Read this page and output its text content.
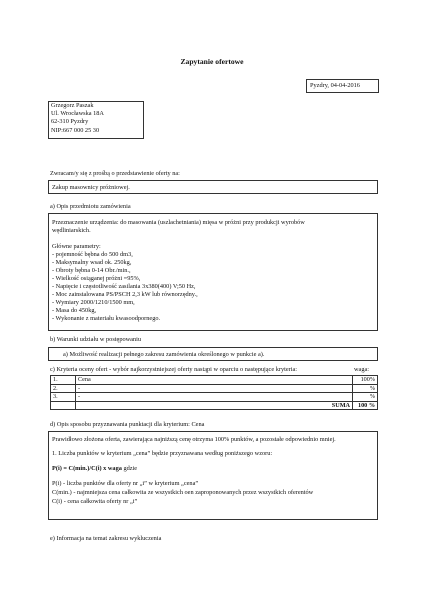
Zapytanie ofertowe
Pyzdry, 04-04-2016
Grzegorz Paszak
Ul. Wrocławska 18A
62-310 Pyzdry
NIP:667 000 25 30
Zwracam/y się z prośbą o przedstawienie oferty na:
Zakup masownicy próżniowej.
a) Opis przedmiotu zamówienia
Przeznaczenie urządzenia: do masowania (uszlachetniania) mięsa w próżni przy produkcji wyrobów
wędliniarskich.
Główne parametry:
- pojemność bębna do 500 dm3,
- Maksymalny wsad ok. 250kg,
- Obroty bębna 0-14 Obr./min.,
- Wielkość osiąganej próżni =95%,
- Napięcie i częstotliwość zasilania 3x380(400) V;50 Hz,
- Moc zainstalowana PS/PSCH 2,3 kW lub równorzędny.,
- Wymiary 2000/1210/1500 mm,
- Masa do 450kg,
- Wykonanie z materiału kwasoodpornego.
b) Warunki udziału w postępowaniu
a) Możliwość realizacji pełnego zakresu zamówienia określonego w punkcie a).
c) Kryteria oceny ofert - wybór najkorzystniejszej oferty nastąpi w oparciu o następujące kryteria:	waga:
1.	Cena	100%
2.	-	%
3.	-	%
	SUMA	100 %
d) Opis sposobu przyznawania punktacji dla kryterium: Cena
Prawidłowo złożona oferta, zawierająca najniższą cenę otrzyma 100% punktów, a pozostałe odpowiednio mniej.
1. Liczba punktów w kryterium „cena” będzie przyznawana według poniższego wzoru:
P(i) = C(min.)/C(i) x waga gdzie
P(i) - liczba punktów dla oferty nr „i” w kryterium „cena”
C(min.) - najmniejsza cena całkowita ze wszystkich oen zaproponowanych przez wszystkich oferentów
C(i) - cena całkowita oferty nr „i”
e) Informacja na temat zakresu wykluczenia
